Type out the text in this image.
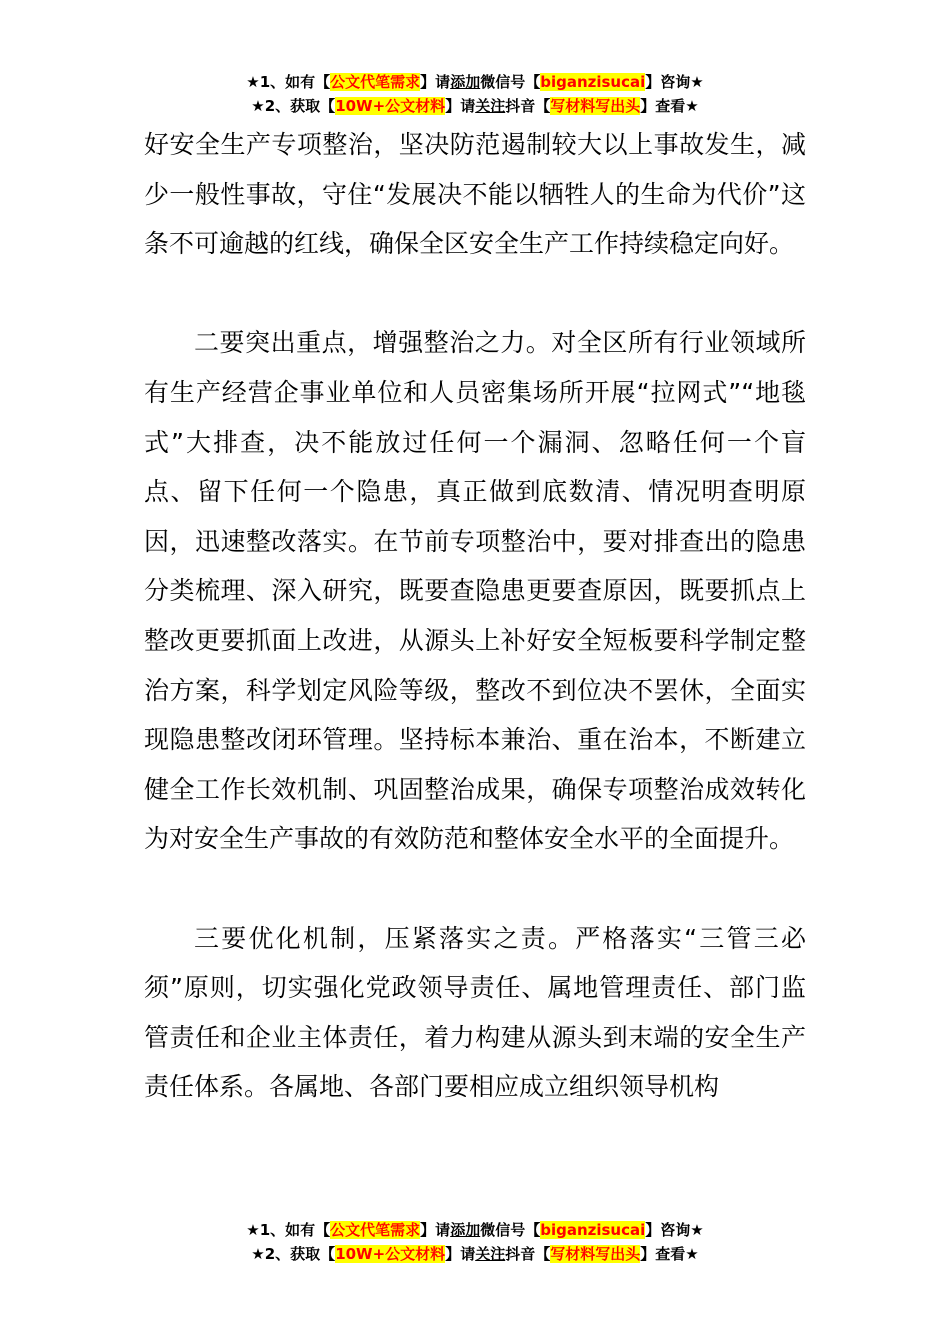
★1、如有【公文代笔需求】请添加微信号【biganzisucai】咨询★
★2、获取【10W+公文材料】请关注抖音【写材料写出头】查看★

好安全生产专项整治，坚决防范遏制较大以上事故发生，减少一般性事故，守住“发展决不能以牺牲人的生命为代价”这条不可逾越的红线，确保全区安全生产工作持续稳定向好。

二要突出重点，增强整治之力。对全区所有行业领域所有生产经营企事业单位和人员密集场所开展“拉网式”“地毯式”大排查，决不能放过任何一个漏洞、忽略任何一个盲点、留下任何一个隐患，真正做到底数清、情况明查明原因，迅速整改落实。在节前专项整治中，要对排查出的隐患分类梳理、深入研究，既要查隐患更要查原因，既要抓点上整改更要抓面上改进，从源头上补好安全短板要科学制定整治方案，科学划定风险等级，整改不到位决不罢休，全面实现隐患整改闭环管理。坚持标本兼治、重在治本，不断建立健全工作长效机制、巩固整治成果，确保专项整治成效转化为对安全生产事故的有效防范和整体安全水平的全面提升。

三要优化机制，压紧落实之责。严格落实“三管三必须”原则，切实强化党政领导责任、属地管理责任、部门监管责任和企业主体责任，着力构建从源头到末端的安全生产责任体系。各属地、各部门要相应成立组织领导机构

★1、如有【公文代笔需求】请添加微信号【biganzisucai】咨询★
★2、获取【10W+公文材料】请关注抖音【写材料写出头】查看★
